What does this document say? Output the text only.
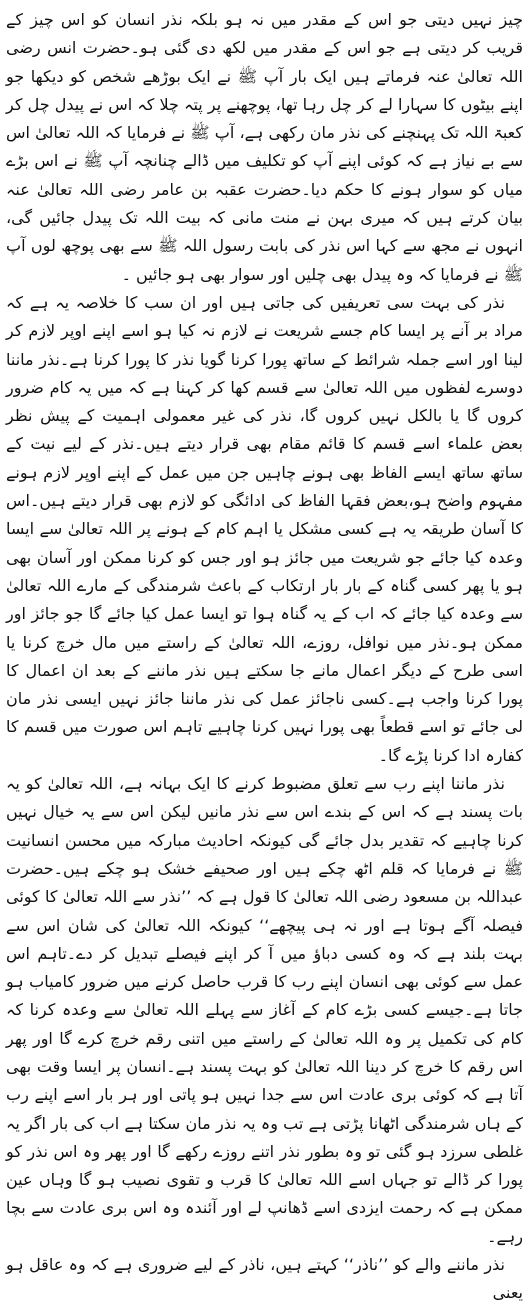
چیز نہیں دیتی جو اس کے مقدر میں نہ ہو بلکہ نذر انسان کو اس چیز کے قریب کر دیتی ہے جو اس کے مقدر میں لکھ دی گئی ہو۔حضرت انس رضی اللہ تعالیٰ عنہ فرماتے ہیں ایک بار آپ ﷺ نے ایک بوڑھے شخص کو دیکھا جو اپنے بیٹوں کا سہارا لے کر چل رہا تھا، پوچھنے پر پتہ چلا کہ اس نے پیدل چل کر کعبۃ اللہ تک پہنچنے کی نذر مان رکھی ہے، آپ ﷺ نے فرمایا کہ اللہ تعالیٰ اس سے بے نیاز ہے کہ کوئی اپنے آپ کو تکلیف میں ڈالے چنانچہ آپ ﷺ نے اس بڑے میاں کو سوار ہونے کا حکم دیا۔حضرت عقبہ بن عامر رضی اللہ تعالیٰ عنہ بیان کرتے ہیں کہ میری بہن نے منت مانی کہ بیت اللہ تک پیدل جائیں گی، انہوں نے مجھ سے کہا اس نذر کی بابت رسول اللہ ﷺ سے بھی پوچھ لوں آپ ﷺ نے فرمایا کہ وہ پیدل بھی چلیں اور سوار بھی ہو جائیں ۔

نذر کی بہت سی تعریفیں کی جاتی ہیں اور ان سب کا خلاصہ یہ ہے کہ مراد بر آنے پر ایسا کام جسے شریعت نے لازم نہ کیا ہو اسے اپنے اوپر لازم کر لینا اور اسے جملہ شرائط کے ساتھ پورا کرنا گویا نذر کا پورا کرنا ہے۔نذر ماننا دوسرے لفظوں میں اللہ تعالیٰ سے قسم کھا کر کہنا ہے کہ میں یہ کام ضرور کروں گا یا بالکل نہیں کروں گا، نذر کی غیر معمولی اہمیت کے پیش نظر بعض علماء اسے قسم کا قائم مقام بھی قرار دیتے ہیں۔نذر کے لیے نیت کے ساتھ ساتھ ایسے الفاظ بھی ہونے چاہیں جن میں عمل کے اپنے اوپر لازم ہونے مفہوم واضح ہو،بعض فقہا الفاظ کی ادائگی کو لازم بھی قرار دیتے ہیں۔اس کا آسان طریقہ یہ ہے کسی مشکل یا اہم کام کے ہونے پر اللہ تعالیٰ سے ایسا وعدہ کیا جائے جو شریعت میں جائز ہو اور جس کو کرنا ممکن اور آسان بھی ہو یا پھر کسی گناہ کے بار بار ارتکاب کے باعث شرمندگی کے مارے اللہ تعالیٰ سے وعدہ کیا جائے کہ اب کے یہ گناہ ہوا تو ایسا عمل کیا جائے گا جو جائز اور ممکن ہو۔نذر میں نوافل، روزے، اللہ تعالیٰ کے راستے میں مال خرچ کرنا یا اسی طرح کے دیگر اعمال مانے جا سکتے ہیں نذر ماننے کے بعد ان اعمال کا پورا کرنا واجب ہے۔کسی ناجائز عمل کی نذر ماننا جائز نہیں ایسی نذر مان لی جائے تو اسے قطعاً بھی پورا نہیں کرنا چاہیے تاہم اس صورت میں قسم کا کفارہ ادا کرنا پڑے گا۔

نذر ماننا اپنے رب سے تعلق مضبوط کرنے کا ایک بہانہ ہے، اللہ تعالیٰ کو یہ بات پسند ہے کہ اس کے بندے اس سے نذر مانیں لیکن اس سے یہ خیال نہیں کرنا چاہیے کہ تقدیر بدل جائے گی کیونکہ احادیث مبارکہ میں محسن انسانیت ﷺ نے فرمایا کہ قلم اٹھ چکے ہیں اور صحیفے خشک ہو چکے ہیں۔حضرت عبداللہ بن مسعود رضی اللہ تعالیٰ کا قول ہے کہ ’’نذر سے اللہ تعالیٰ کا کوئی فیصلہ آگے ہوتا ہے اور نہ ہی پیچھے‘‘ کیونکہ اللہ تعالیٰ کی شان اس سے بہت بلند ہے کہ وہ کسی دباؤ میں آ کر اپنے فیصلے تبدیل کر دے۔تاہم اس عمل سے کوئی بھی انسان اپنے رب کا قرب حاصل کرنے میں ضرور کامیاب ہو جاتا ہے۔جیسے کسی بڑے کام کے آغاز سے پہلے اللہ تعالیٰ سے وعدہ کرنا کہ کام کی تکمیل پر وہ اللہ تعالیٰ کے راستے میں اتنی رقم خرچ کرے گا اور پھر اس رقم کا خرچ کر دینا اللہ تعالیٰ کو بہت پسند ہے۔انسان پر ایسا وقت بھی آتا ہے کہ کوئی بری عادت اس سے جدا نہیں ہو پاتی اور ہر بار اسے اپنے رب کے ہاں شرمندگی اٹھانا پڑتی ہے تب وہ یہ نذر مان سکتا ہے اب کی بار اگر یہ غلطی سرزد ہو گئی تو وہ بطور نذر اتنے روزے رکھے گا اور پھر وہ اس نذر کو پورا کر ڈالے تو جہاں اسے اللہ تعالیٰ کا قرب و تقوی نصیب ہو گا وہاں عین ممکن ہے کہ رحمت ایزدی اسے ڈھانپ لے اور آئندہ وہ اس بری عادت سے بچا رہے۔

نذر ماننے والے کو ’’ناذر‘‘ کہتے ہیں، ناذر کے لیے ضروری ہے کہ وہ عاقل ہو یعنی
